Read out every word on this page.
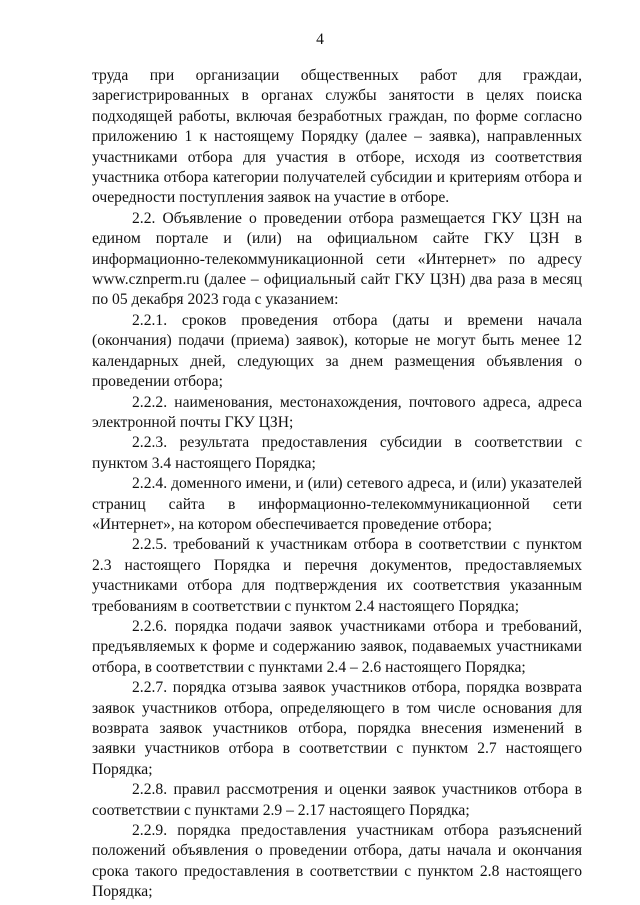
4

труда при организации общественных работ для граждаи, зарегистрированных в органах службы занятости в целях поиска подходящей работы, включая безработных граждан, по форме согласно приложению 1 к настоящему Порядку (далее – заявка), направленных участниками отбора для участия в отборе, исходя из соответствия участника отбора категории получателей субсидии и критериям отбора и очередности поступления заявок на участие в отборе.

2.2. Объявление о проведении отбора размещается ГКУ ЦЗН на едином портале и (или) на официальном сайте ГКУ ЦЗН в информационно-телекоммуникационной сети «Интернет» по адресу www.cznperm.ru (далее – официальный сайт ГКУ ЦЗН) два раза в месяц по 05 декабря 2023 года с указанием:

2.2.1. сроков проведения отбора (даты и времени начала (окончания) подачи (приема) заявок), которые не могут быть менее 12 календарных дней, следующих за днем размещения объявления о проведении отбора;

2.2.2. наименования, местонахождения, почтового адреса, адреса электронной почты ГКУ ЦЗН;

2.2.3. результата предоставления субсидии в соответствии с пунктом 3.4 настоящего Порядка;

2.2.4. доменного имени, и (или) сетевого адреса, и (или) указателей страниц сайта в информационно-телекоммуникационной сети «Интернет», на котором обеспечивается проведение отбора;

2.2.5. требований к участникам отбора в соответствии с пунктом 2.3 настоящего Порядка и перечня документов, предоставляемых участниками отбора для подтверждения их соответствия указанным требованиям в соответствии с пунктом 2.4 настоящего Порядка;

2.2.6. порядка подачи заявок участниками отбора и требований, предъявляемых к форме и содержанию заявок, подаваемых участниками отбора, в соответствии с пунктами 2.4 – 2.6 настоящего Порядка;

2.2.7. порядка отзыва заявок участников отбора, порядка возврата заявок участников отбора, определяющего в том числе основания для возврата заявок участников отбора, порядка внесения изменений в заявки участников отбора в соответствии с пунктом 2.7 настоящего Порядка;

2.2.8. правил рассмотрения и оценки заявок участников отбора в соответствии с пунктами 2.9 – 2.17 настоящего Порядка;

2.2.9. порядка предоставления участникам отбора разъяснений положений объявления о проведении отбора, даты начала и окончания срока такого предоставления в соответствии с пунктом 2.8 настоящего Порядка;
